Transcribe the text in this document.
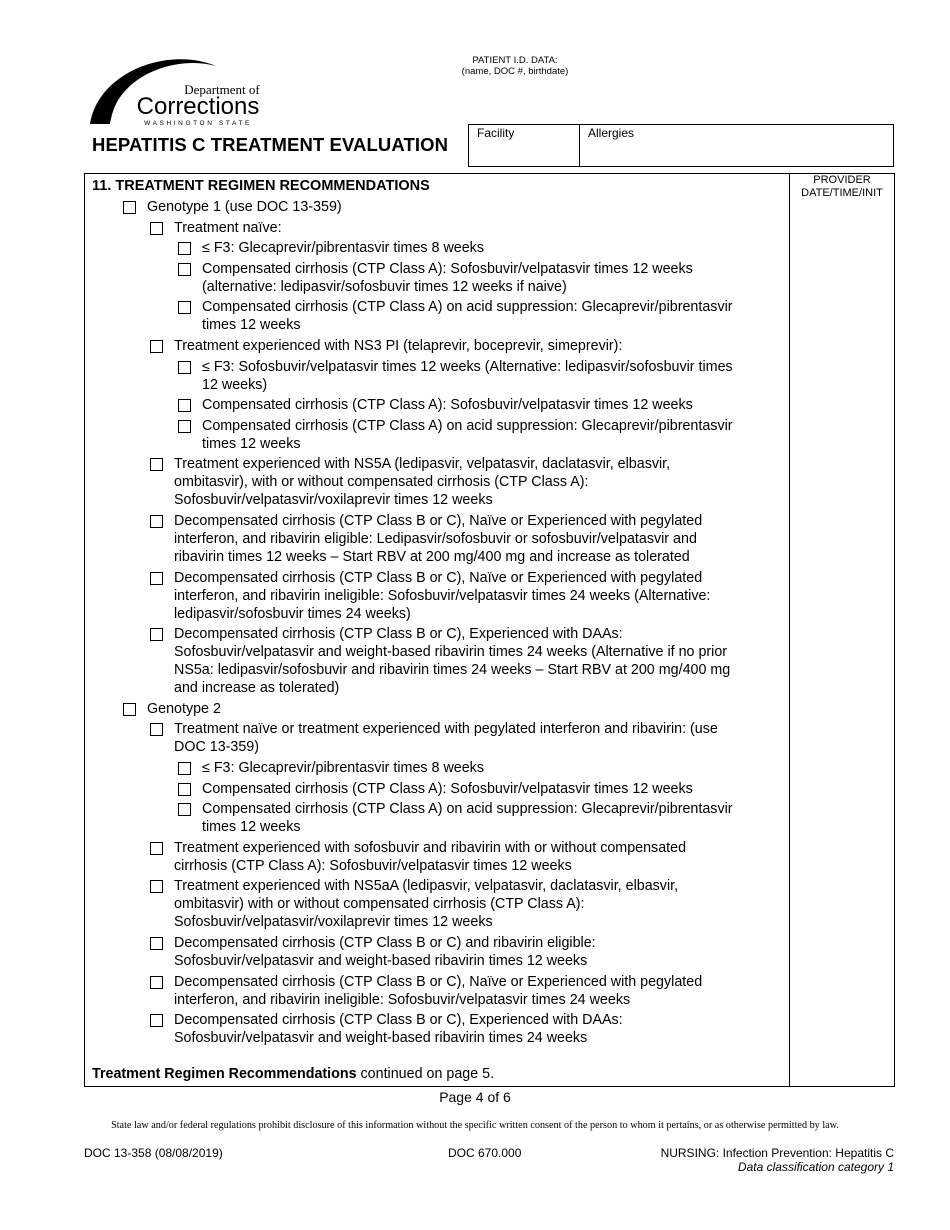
Department of
Corrections
WASHINGTON STATE
PATIENT I.D. DATA:
(name, DOC #, birthdate)
HEPATITIS C TREATMENT EVALUATION
Facility	Allergies
PROVIDER
DATE/TIME/INIT
11. TREATMENT REGIMEN RECOMMENDATIONS
Genotype 1 (use DOC 13-359)
Treatment naïve:
≤ F3: Glecaprevir/pibrentasvir times 8 weeks
Compensated cirrhosis (CTP Class A): Sofosbuvir/velpatasvir times 12 weeks
(alternative: ledipasvir/sofosbuvir times 12 weeks if naive)
Compensated cirrhosis (CTP Class A) on acid suppression: Glecaprevir/pibrentasvir
times 12 weeks
Treatment experienced with NS3 PI (telaprevir, boceprevir, simeprevir):
≤ F3: Sofosbuvir/velpatasvir times 12 weeks (Alternative: ledipasvir/sofosbuvir times
12 weeks)
Compensated cirrhosis (CTP Class A): Sofosbuvir/velpatasvir times 12 weeks
Compensated cirrhosis (CTP Class A) on acid suppression: Glecaprevir/pibrentasvir
times 12 weeks
Treatment experienced with NS5A (ledipasvir, velpatasvir, daclatasvir, elbasvir,
ombitasvir), with or without compensated cirrhosis (CTP Class A):
Sofosbuvir/velpatasvir/voxilaprevir times 12 weeks
Decompensated cirrhosis (CTP Class B or C), Naïve or Experienced with pegylated
interferon, and ribavirin eligible: Ledipasvir/sofosbuvir or sofosbuvir/velpatasvir and
ribavirin times 12 weeks – Start RBV at 200 mg/400 mg and increase as tolerated
Decompensated cirrhosis (CTP Class B or C), Naïve or Experienced with pegylated
interferon, and ribavirin ineligible: Sofosbuvir/velpatasvir times 24 weeks (Alternative:
ledipasvir/sofosbuvir times 24 weeks)
Decompensated cirrhosis (CTP Class B or C), Experienced with DAAs:
Sofosbuvir/velpatasvir and weight-based ribavirin times 24 weeks (Alternative if no prior
NS5a: ledipasvir/sofosbuvir and ribavirin times 24 weeks – Start RBV at 200 mg/400 mg
and increase as tolerated)
Genotype 2
Treatment naïve or treatment experienced with pegylated interferon and ribavirin: (use
DOC 13-359)
≤ F3: Glecaprevir/pibrentasvir times 8 weeks
Compensated cirrhosis (CTP Class A): Sofosbuvir/velpatasvir times 12 weeks
Compensated cirrhosis (CTP Class A) on acid suppression: Glecaprevir/pibrentasvir
times 12 weeks
Treatment experienced with sofosbuvir and ribavirin with or without compensated
cirrhosis (CTP Class A): Sofosbuvir/velpatasvir times 12 weeks
Treatment experienced with NS5aA (ledipasvir, velpatasvir, daclatasvir, elbasvir,
ombitasvir) with or without compensated cirrhosis (CTP Class A):
Sofosbuvir/velpatasvir/voxilaprevir times 12 weeks
Decompensated cirrhosis (CTP Class B or C) and ribavirin eligible:
Sofosbuvir/velpatasvir and weight-based ribavirin times 12 weeks
Decompensated cirrhosis (CTP Class B or C), Naïve or Experienced with pegylated
interferon, and ribavirin ineligible: Sofosbuvir/velpatasvir times 24 weeks
Decompensated cirrhosis (CTP Class B or C), Experienced with DAAs:
Sofosbuvir/velpatasvir and weight-based ribavirin times 24 weeks
Treatment Regimen Recommendations continued on page 5.
Page 4 of 6
State law and/or federal regulations prohibit disclosure of this information without the specific written consent of the person to whom it pertains, or as otherwise permitted by law.
DOC 13-358 (08/08/2019)	DOC 670.000	NURSING: Infection Prevention: Hepatitis C
Data classification category 1
